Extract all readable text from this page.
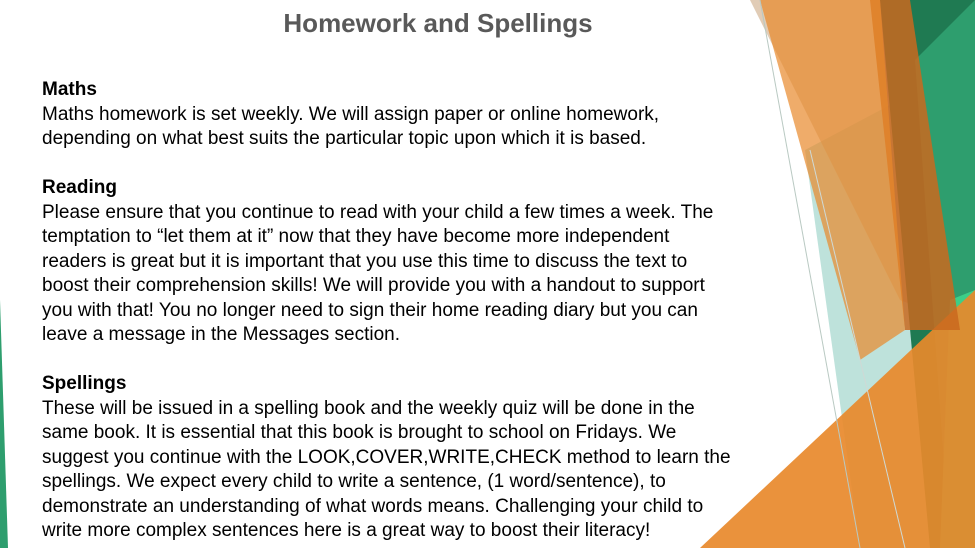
Homework and Spellings
Maths
Maths homework is set weekly. We will assign paper or online homework,
depending on what best suits the particular topic upon which it is based.
Reading
Please ensure that you continue to read with your child a few times a week. The
temptation to “let them at it” now that they have become more independent
readers is great but it is important that you use this time to discuss the text to
boost their comprehension skills! We will provide you with a handout to support
you with that! You no longer need to sign their home reading diary but you can
leave a message in the Messages section.
Spellings
These will be issued in a spelling book and the weekly quiz will be done in the
same book. It is essential that this book is brought to school on Fridays. We
suggest you continue with the LOOK,COVER,WRITE,CHECK method to learn the
spellings. We expect every child to write a sentence, (1 word/sentence), to
demonstrate an understanding of what words means. Challenging your child to
write more complex sentences here is a great way to boost their literacy!
